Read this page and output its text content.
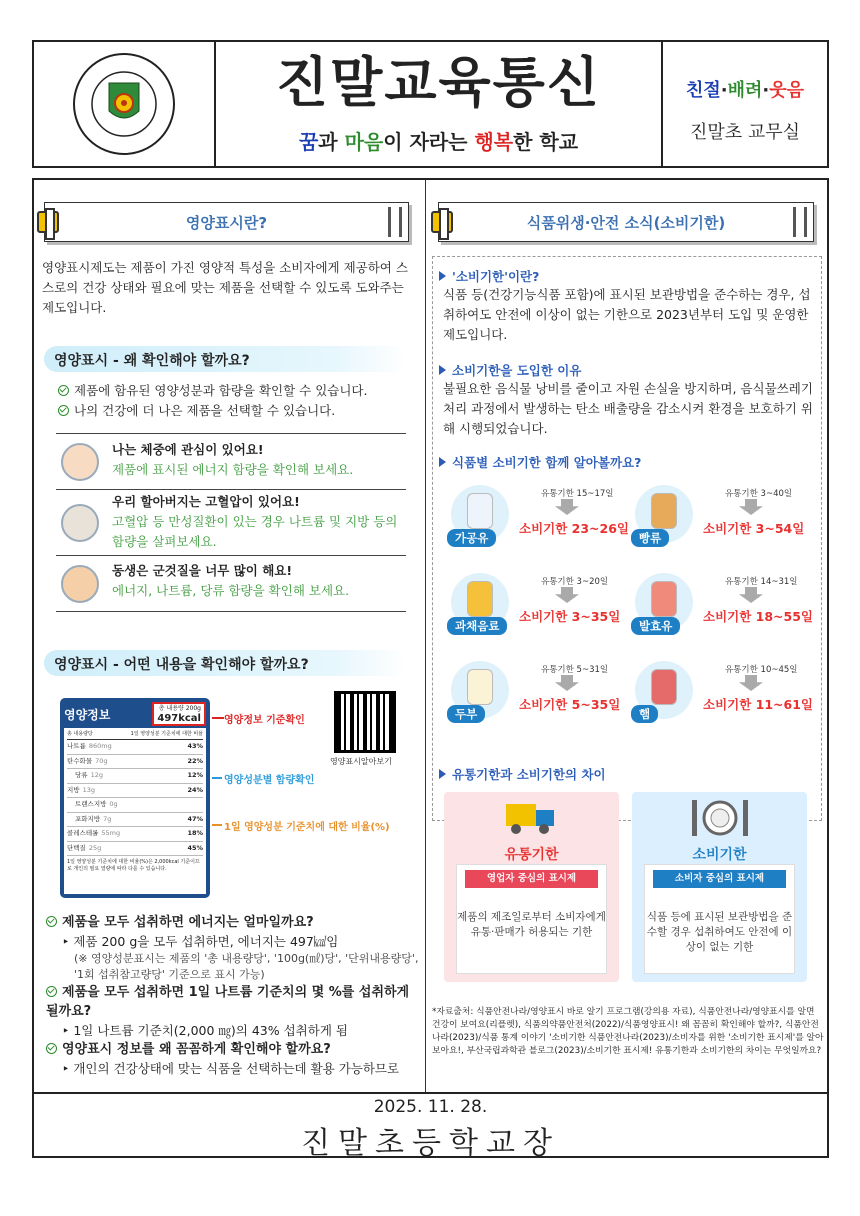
진말교육통신
꿈과 마음이 자라는 행복한 학교
친절·배려·웃음
진말초 교무실
영양표시란?

영양표시제도는 제품이 가진 영양적 특성을 소비자에게 제공하여 스스로의 건강 상태와 필요에 맞는 제품을 선택할 수 있도록 도와주는 제도입니다.

영양표시 - 왜 확인해야 할까요?
제품에 함유된 영양성분과 함량을 확인할 수 있습니다.
나의 건강에 더 나은 제품을 선택할 수 있습니다.
나는 체중에 관심이 있어요!
제품에 표시된 에너지 함량을 확인해 보세요.
우리 할아버지는 고혈압이 있어요!
고혈압 등 만성질환이 있는 경우 나트륨 및 지방 등의 함량을 살펴보세요.
동생은 군것질을 너무 많이 해요!
에너지, 나트륨, 당류 함량을 확인해 보세요.
영양표시 - 어떤 내용을 확인해야 할까요?
영양정보	총 내용량 200g
497kcal
총 내용량당	1일 영양성분 기준치에 대한 비율
나트륨 860mg	43%
탄수화물 70g	22%
당류 12g	12%
지방 13g	24%
트랜스지방 0g
포화지방 7g	47%
콜레스테롤 55mg	18%
단백질 25g	45%
1일 영양성분 기준치에 대한 비율(%)은 2,000kcal 기준이므로 개인의 필요 열량에 따라 다를 수 있습니다.
영양정보 기준확인
영양성분별 함량확인
1일 영양성분 기준치에 대한 비율(%)
영양표시알아보기
제품을 모두 섭취하면 에너지는 얼마일까요?
‣ 제품 200 g을 모두 섭취하면, 에너지는 497㎉임
(※ 영양성분표시는 제품의 '총 내용량당', '100g(㎖)당', '단위내용량당', '1회 섭취참고량당' 기준으로 표시 가능)
제품을 모두 섭취하면 1일 나트륨 기준치의 몇 %를 섭취하게 될까요?
‣ 1일 나트륨 기준치(2,000 ㎎)의 43% 섭취하게 됨
영양표시 정보를 왜 꼼꼼하게 확인해야 할까요?
‣ 개인의 건강상태에 맞는 식품을 선택하는데 활용 가능하므로
식품위생·안전 소식(소비기한)
'소비기한'이란?

식품 등(건강기능식품 포함)에 표시된 보관방법을 준수하는 경우, 섭취하여도 안전에 이상이 없는 기한으로 2023년부터 도입 및 운영한 제도입니다.

소비기한을 도입한 이유

불필요한 음식물 낭비를 줄이고 자원 손실을 방지하며, 음식물쓰레기 처리 과정에서 발생하는 탄소 배출량을 감소시켜 환경을 보호하기 위해 시행되었습니다.

식품별 소비기한 함께 알아볼까요?
가공유
유통기한 15~17일
소비기한 23~26일
빵류
유통기한 3~40일
소비기한 3~54일
과채음료
유통기한 3~20일
소비기한 3~35일
발효유
유통기한 14~31일
소비기한 18~55일
두부
유통기한 5~31일
소비기한 5~35일
햄
유통기한 10~45일
소비기한 11~61일
유통기한과 소비기한의 차이
유통기한
영업자 중심의 표시제
제품의 제조일로부터 소비자에게 유통·판매가 허용되는 기한
소비기한
소비자 중심의 표시제
식품 등에 표시된 보관방법을 준수할 경우 섭취하여도 안전에 이상이 없는 기한
*자료출처: 식품안전나라/영양표시 바로 알기 프로그램(강의용 자료), 식품안전나라/영양표시를 알면 건강이 보여요(리플렛), 식품의약품안전처(2022)/식품영양표시! 왜 꼼꼼히 확인해야 할까?, 식품안전나라(2023)/식품 통계 이야기 '소비기한 식품안전나라(2023)/소비자를 위한 '소비기한 표시제'를 알아보아요!, 부산국립과학관 블로그(2023)/소비기한 표시제! 유통기한과 소비기한의 차이는 무엇일까요?
2025. 11. 28.
진말초등학교장
